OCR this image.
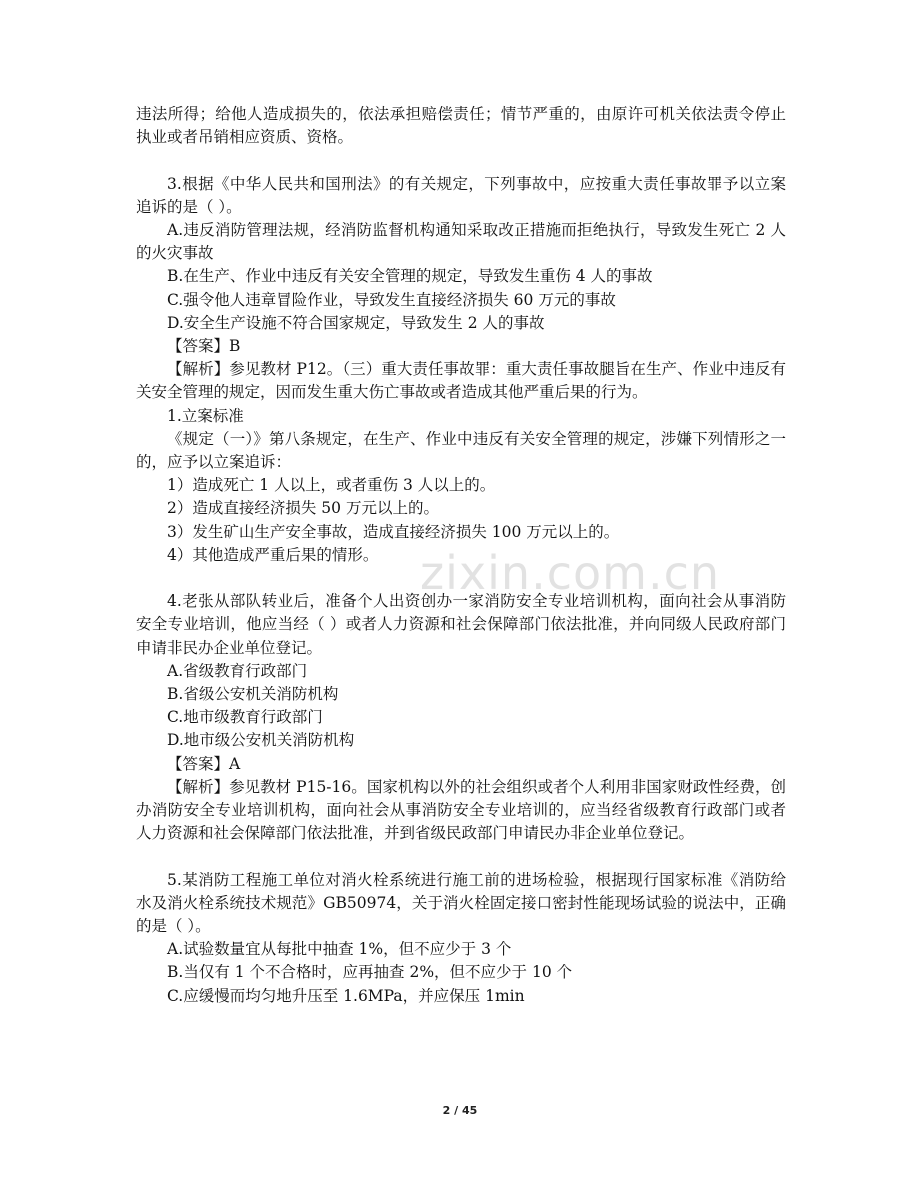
违法所得；给他人造成损失的，依法承担赔偿责任；情节严重的，由原许可机关依法责令停止执业或者吊销相应资质、资格。
3.根据《中华人民共和国刑法》的有关规定，下列事故中，应按重大责任事故罪予以立案追诉的是（ ）。
A.违反消防管理法规，经消防监督机构通知采取改正措施而拒绝执行，导致发生死亡 2 人的火灾事故
B.在生产、作业中违反有关安全管理的规定，导致发生重伤 4 人的事故
C.强令他人违章冒险作业，导致发生直接经济损失 60 万元的事故
D.安全生产设施不符合国家规定，导致发生 2 人的事故
【答案】B
【解析】参见教材 P12。（三）重大责任事故罪：重大责任事故腿旨在生产、作业中违反有关安全管理的规定，因而发生重大伤亡事故或者造成其他严重后果的行为。
1.立案标准
《规定（一）》第八条规定，在生产、作业中违反有关安全管理的规定，涉嫌下列情形之一的，应予以立案追诉：
1）造成死亡 1 人以上，或者重伤 3 人以上的。
2）造成直接经济损失 50 万元以上的。
3）发生矿山生产安全事故，造成直接经济损失 100 万元以上的。
4）其他造成严重后果的情形。
4.老张从部队转业后，准备个人出资创办一家消防安全专业培训机构，面向社会从事消防安全专业培训，他应当经（ ）或者人力资源和社会保障部门依法批准，并向同级人民政府部门申请非民办企业单位登记。
A.省级教育行政部门
B.省级公安机关消防机构
C.地市级教育行政部门
D.地市级公安机关消防机构
【答案】A
【解析】参见教材 P15-16。国家机构以外的社会组织或者个人利用非国家财政性经费，创办消防安全专业培训机构，面向社会从事消防安全专业培训的，应当经省级教育行政部门或者人力资源和社会保障部门依法批准，并到省级民政部门申请民办非企业单位登记。
5.某消防工程施工单位对消火栓系统进行施工前的进场检验，根据现行国家标准《消防给水及消火栓系统技术规范》GB50974，关于消火栓固定接口密封性能现场试验的说法中，正确的是（ ）。
A.试验数量宜从每批中抽查 1%，但不应少于 3 个
B.当仅有 1 个不合格时，应再抽查 2%，但不应少于 10 个
C.应缓慢而均匀地升压至 1.6MPa，并应保压 1min
zixin.com.cn
2 / 45
